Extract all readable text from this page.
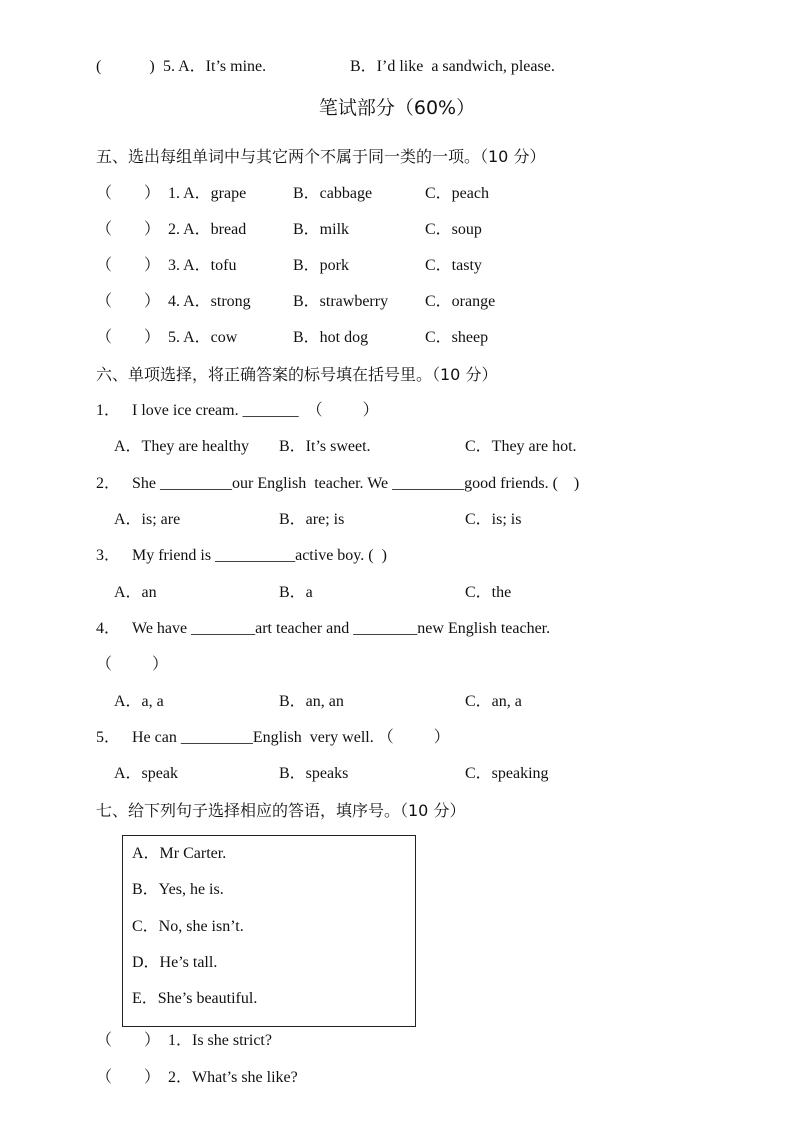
(            ) 5. A．It’s mine.	B．I’d like  a sandwich, please.
笔试部分（60%）
五、选出每组单词中与其它两个不属于同一类的一项。（10 分）
（        ） 1. A．grape	B．cabbage	C．peach
（        ） 2. A．bread	B．milk	C．soup
（        ） 3. A．tofu	B．pork	C．tasty
（        ） 4. A．strong	B．strawberry C．orange
（        ） 5. A．cow	B．hot dog	C．sheep
六、单项选择，将正确答案的标号填在括号里。（10 分）
1． I love ice cream. _______  （          ）
A．They are healthy B．It’s sweet.	C．They are hot.
2． She _________our English  teacher. We _________good friends. (    )
A．is; are	B．are; is	C．is; is
3． My friend is __________active boy. (  )
A．an	B．a	C．the
4． We have ________art teacher and ________new English teacher.
（          ）
A．a, a	B．an, an	C．an, a
5． He can _________English  very well. （          ）
A．speak	B．speaks	C．speaking
七、给下列句子选择相应的答语，填序号。（10 分）
A．Mr Carter.
B．Yes, he is.
C．No, she isn’t.
D．He’s tall.
E．She’s beautiful.
（        ） 1．Is she strict?
（        ） 2．What’s she like?
